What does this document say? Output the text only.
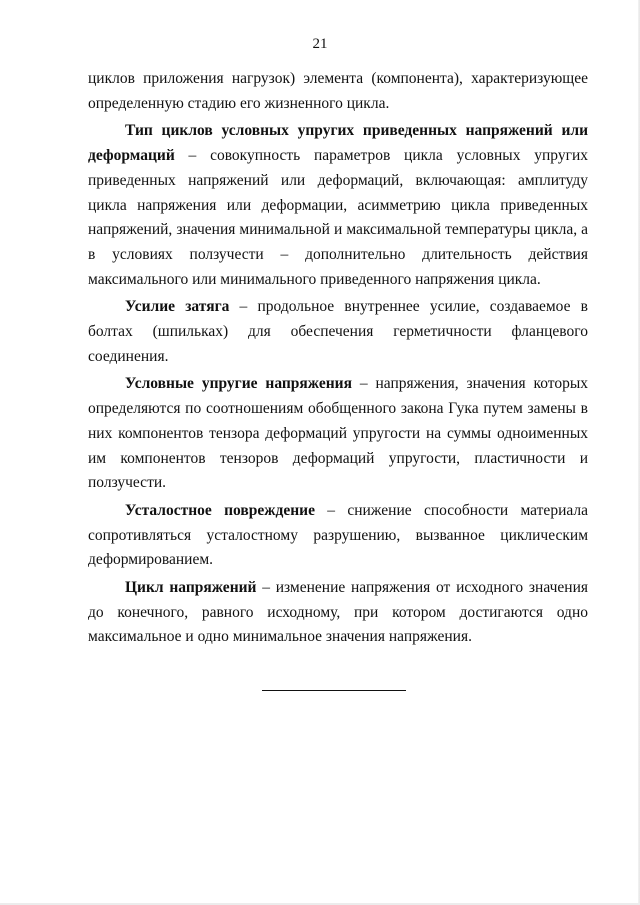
21

циклов приложения нагрузок) элемента (компонента), характеризующее определенную стадию его жизненного цикла.

Тип циклов условных упругих приведенных напряжений или деформаций – совокупность параметров цикла условных упругих приведенных напряжений или деформаций, включающая: амплитуду цикла напряжения или деформации, асимметрию цикла приведенных напряжений, значения минимальной и максимальной температуры цикла, а в условиях ползучести – дополнительно длительность действия максимального или минимального приведенного напряжения цикла.

Усилие затяга – продольное внутреннее усилие, создаваемое в болтах (шпильках) для обеспечения герметичности фланцевого соединения.

Условные упругие напряжения – напряжения, значения которых определяются по соотношениям обобщенного закона Гука путем замены в них компонентов тензора деформаций упругости на суммы одноименных им компонентов тензоров деформаций упругости, пластичности и ползучести.

Усталостное повреждение – снижение способности материала сопротивляться усталостному разрушению, вызванное циклическим деформированием.

Цикл напряжений – изменение напряжения от исходного значения до конечного, равного исходному, при котором достигаются одно максимальное и одно минимальное значения напряжения.
